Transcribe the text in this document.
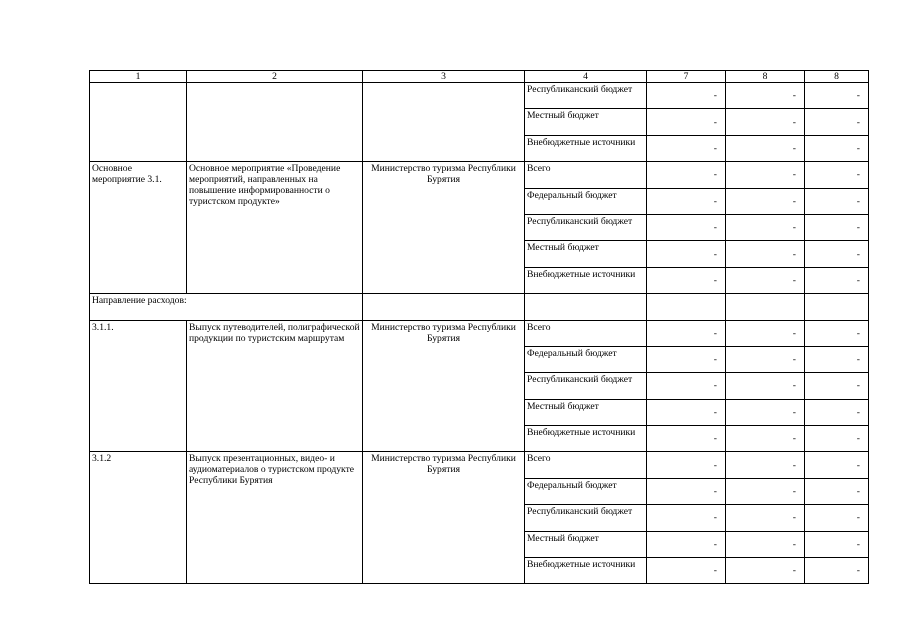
1	2	3	4	7	8	8
			Республиканский бюджет	-	-	-
			Местный бюджет	-	-	-
			Внебюджетные источники	-	-	-
Основное мероприятие 3.1.	Основное мероприятие «Проведение мероприятий, направленных на повышение информированности о туристском продукте»	Министерство туризма Республики Бурятия	Всего	-	-	-
			Федеральный бюджет	-	-	-
			Республиканский бюджет	-	-	-
			Местный бюджет	-	-	-
			Внебюджетные источники	-	-	-
Направление расходов:						
3.1.1.	Выпуск путеводителей, полиграфической продукции по туристским маршрутам	Министерство туризма Республики Бурятия	Всего	-	-	-
			Федеральный бюджет	-	-	-
			Республиканский бюджет	-	-	-
			Местный бюджет	-	-	-
			Внебюджетные источники	-	-	-
3.1.2	Выпуск презентационных, видео- и аудиоматериалов о туристском продукте Республики Бурятия	Министерство туризма Республики Бурятия	Всего	-	-	-
			Федеральный бюджет	-	-	-
			Республиканский бюджет	-	-	-
			Местный бюджет	-	-	-
			Внебюджетные источники	-	-	-
